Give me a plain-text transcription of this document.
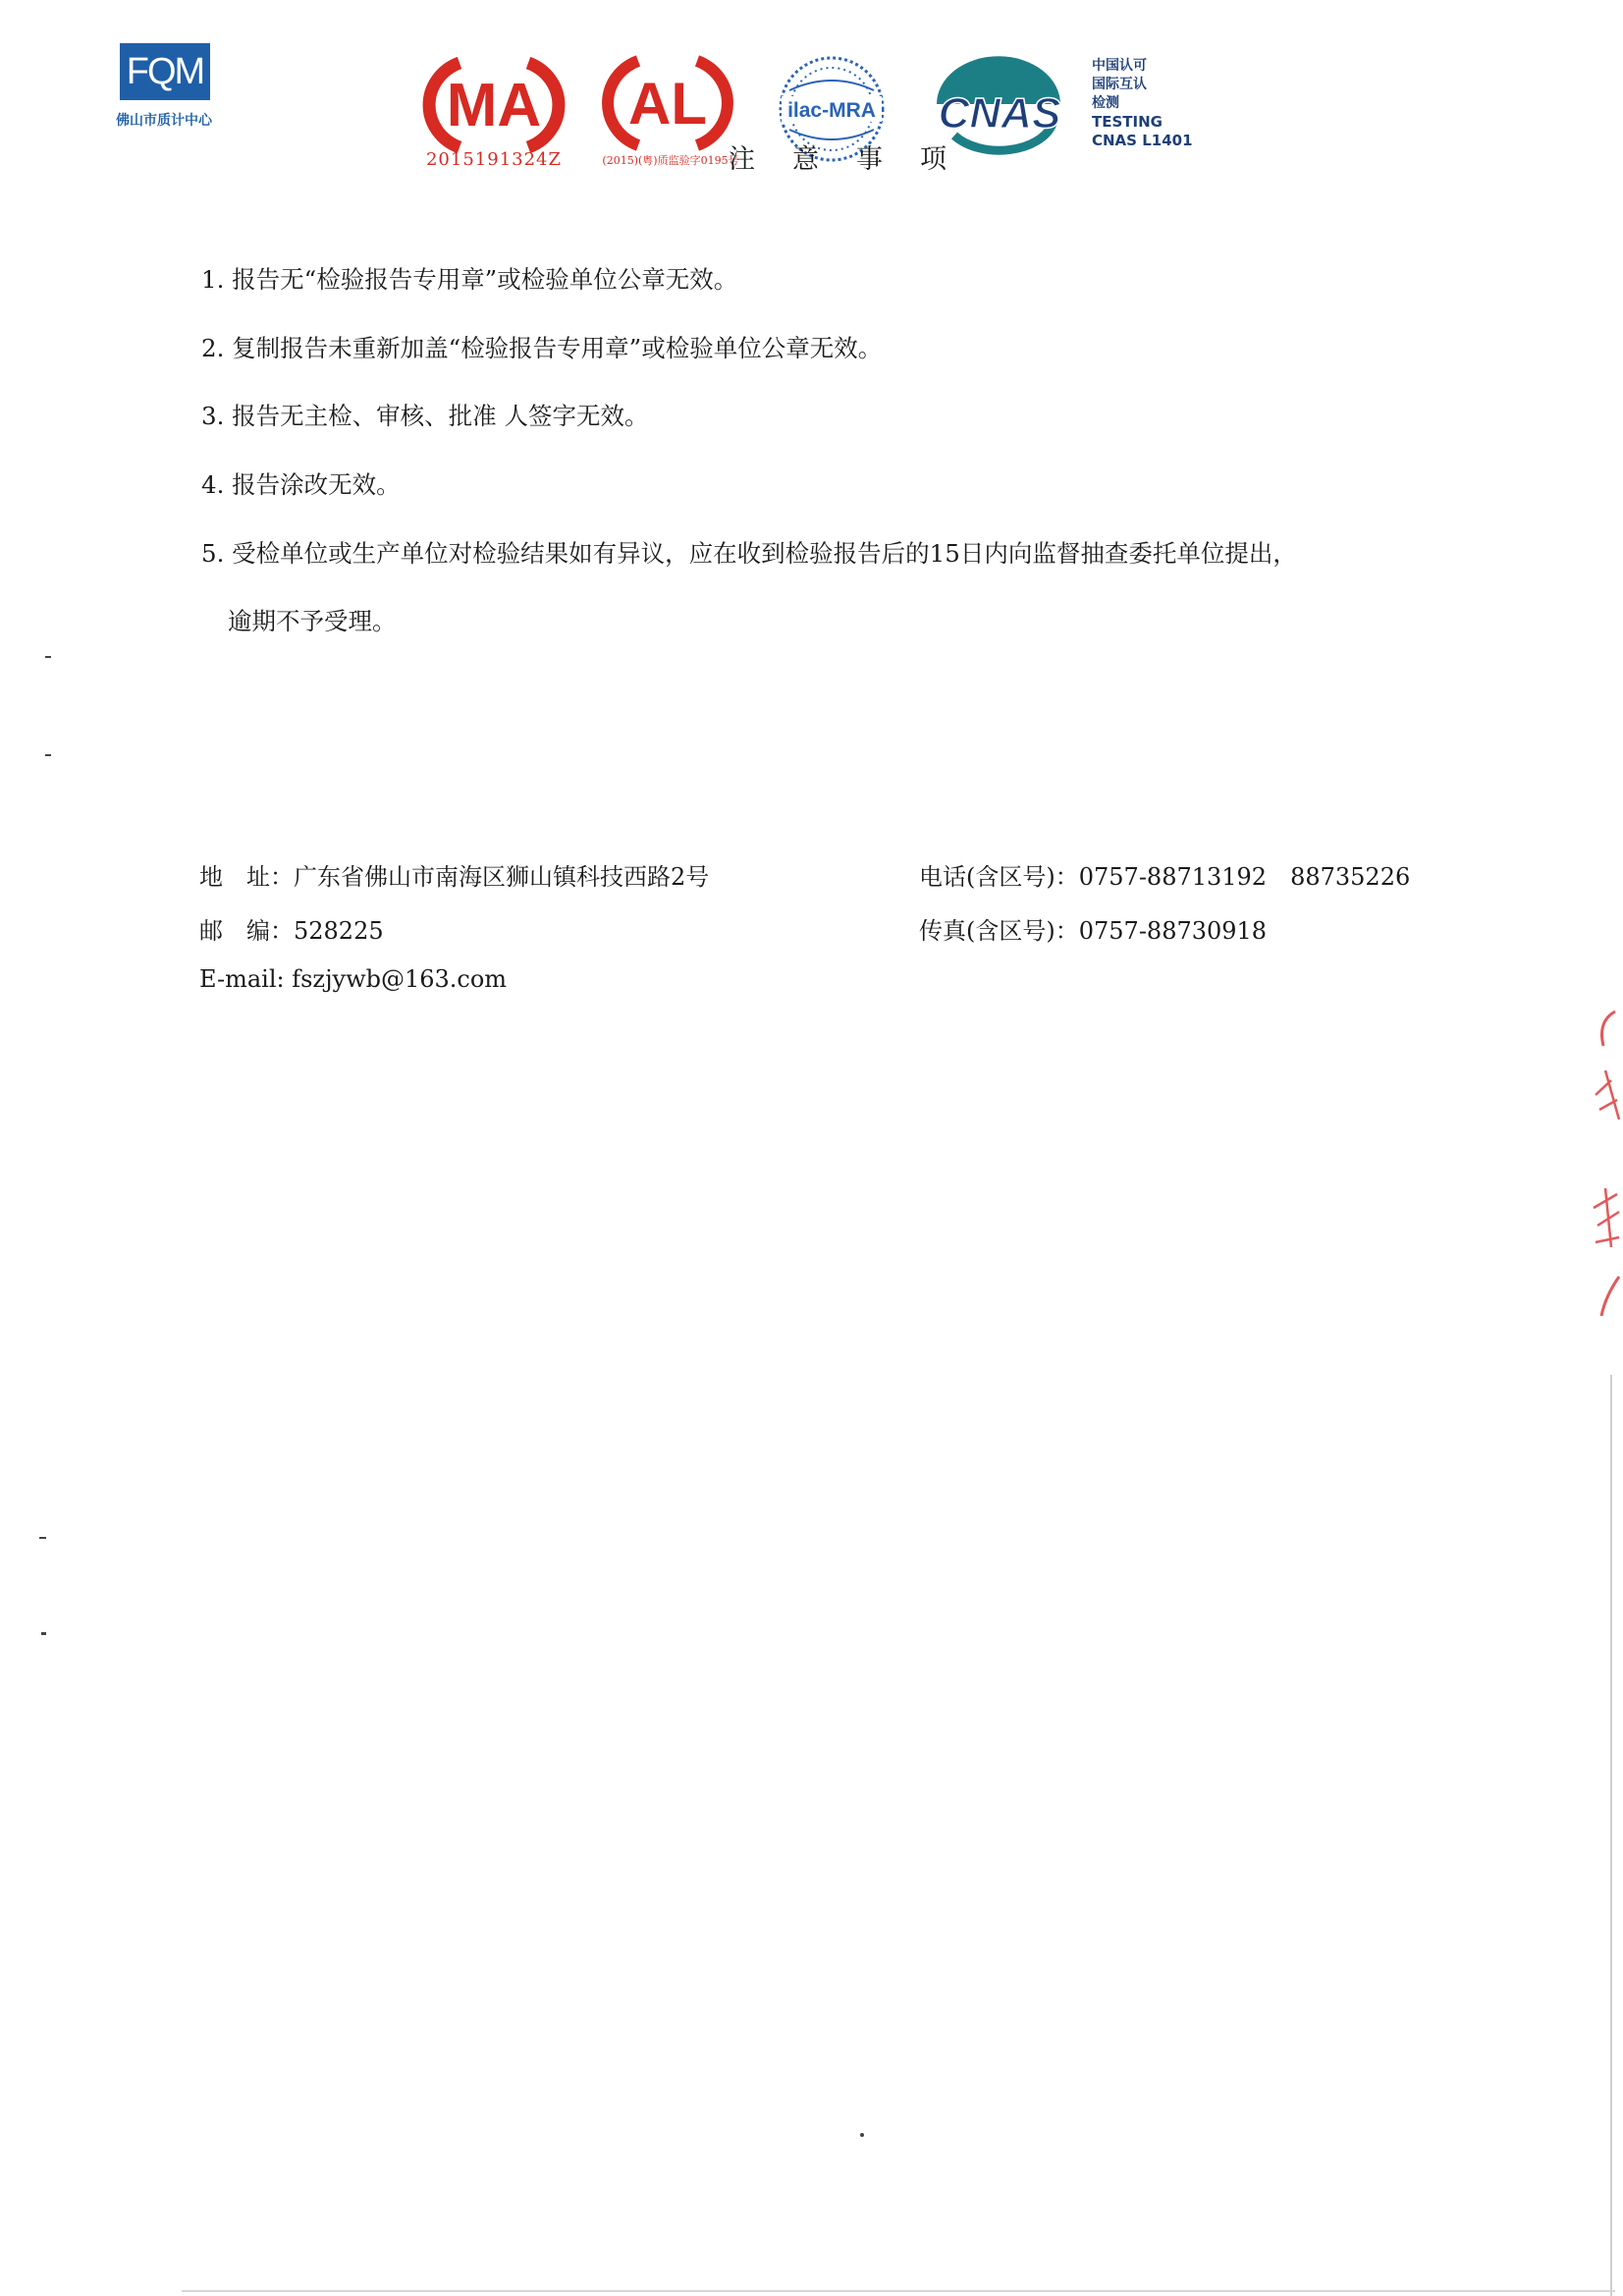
FQM
佛山市质计中心	MA
2015191324Z
AL
(2015)(粤)质监验字0195号
ilac-MRA CNAS
中国认可
国际互认
检测
TESTING
CNAS L1401
注意事项
1. 报告无“检验报告专用章”或检验单位公章无效。
2. 复制报告未重新加盖“检验报告专用章”或检验单位公章无效。
3. 报告无主检、审核、批准 人签字无效。
4. 报告涂改无效。
5. 受检单位或生产单位对检验结果如有异议，应在收到检验报告后的15日内向监督抽查委托单位提出，
逾期不予受理。
地　址：广东省佛山市南海区狮山镇科技西路2号
邮　编：528225
E-mail: fszjywb@163.com
电话(含区号)：0757-88713192　88735226
传真(含区号)：0757-88730918
